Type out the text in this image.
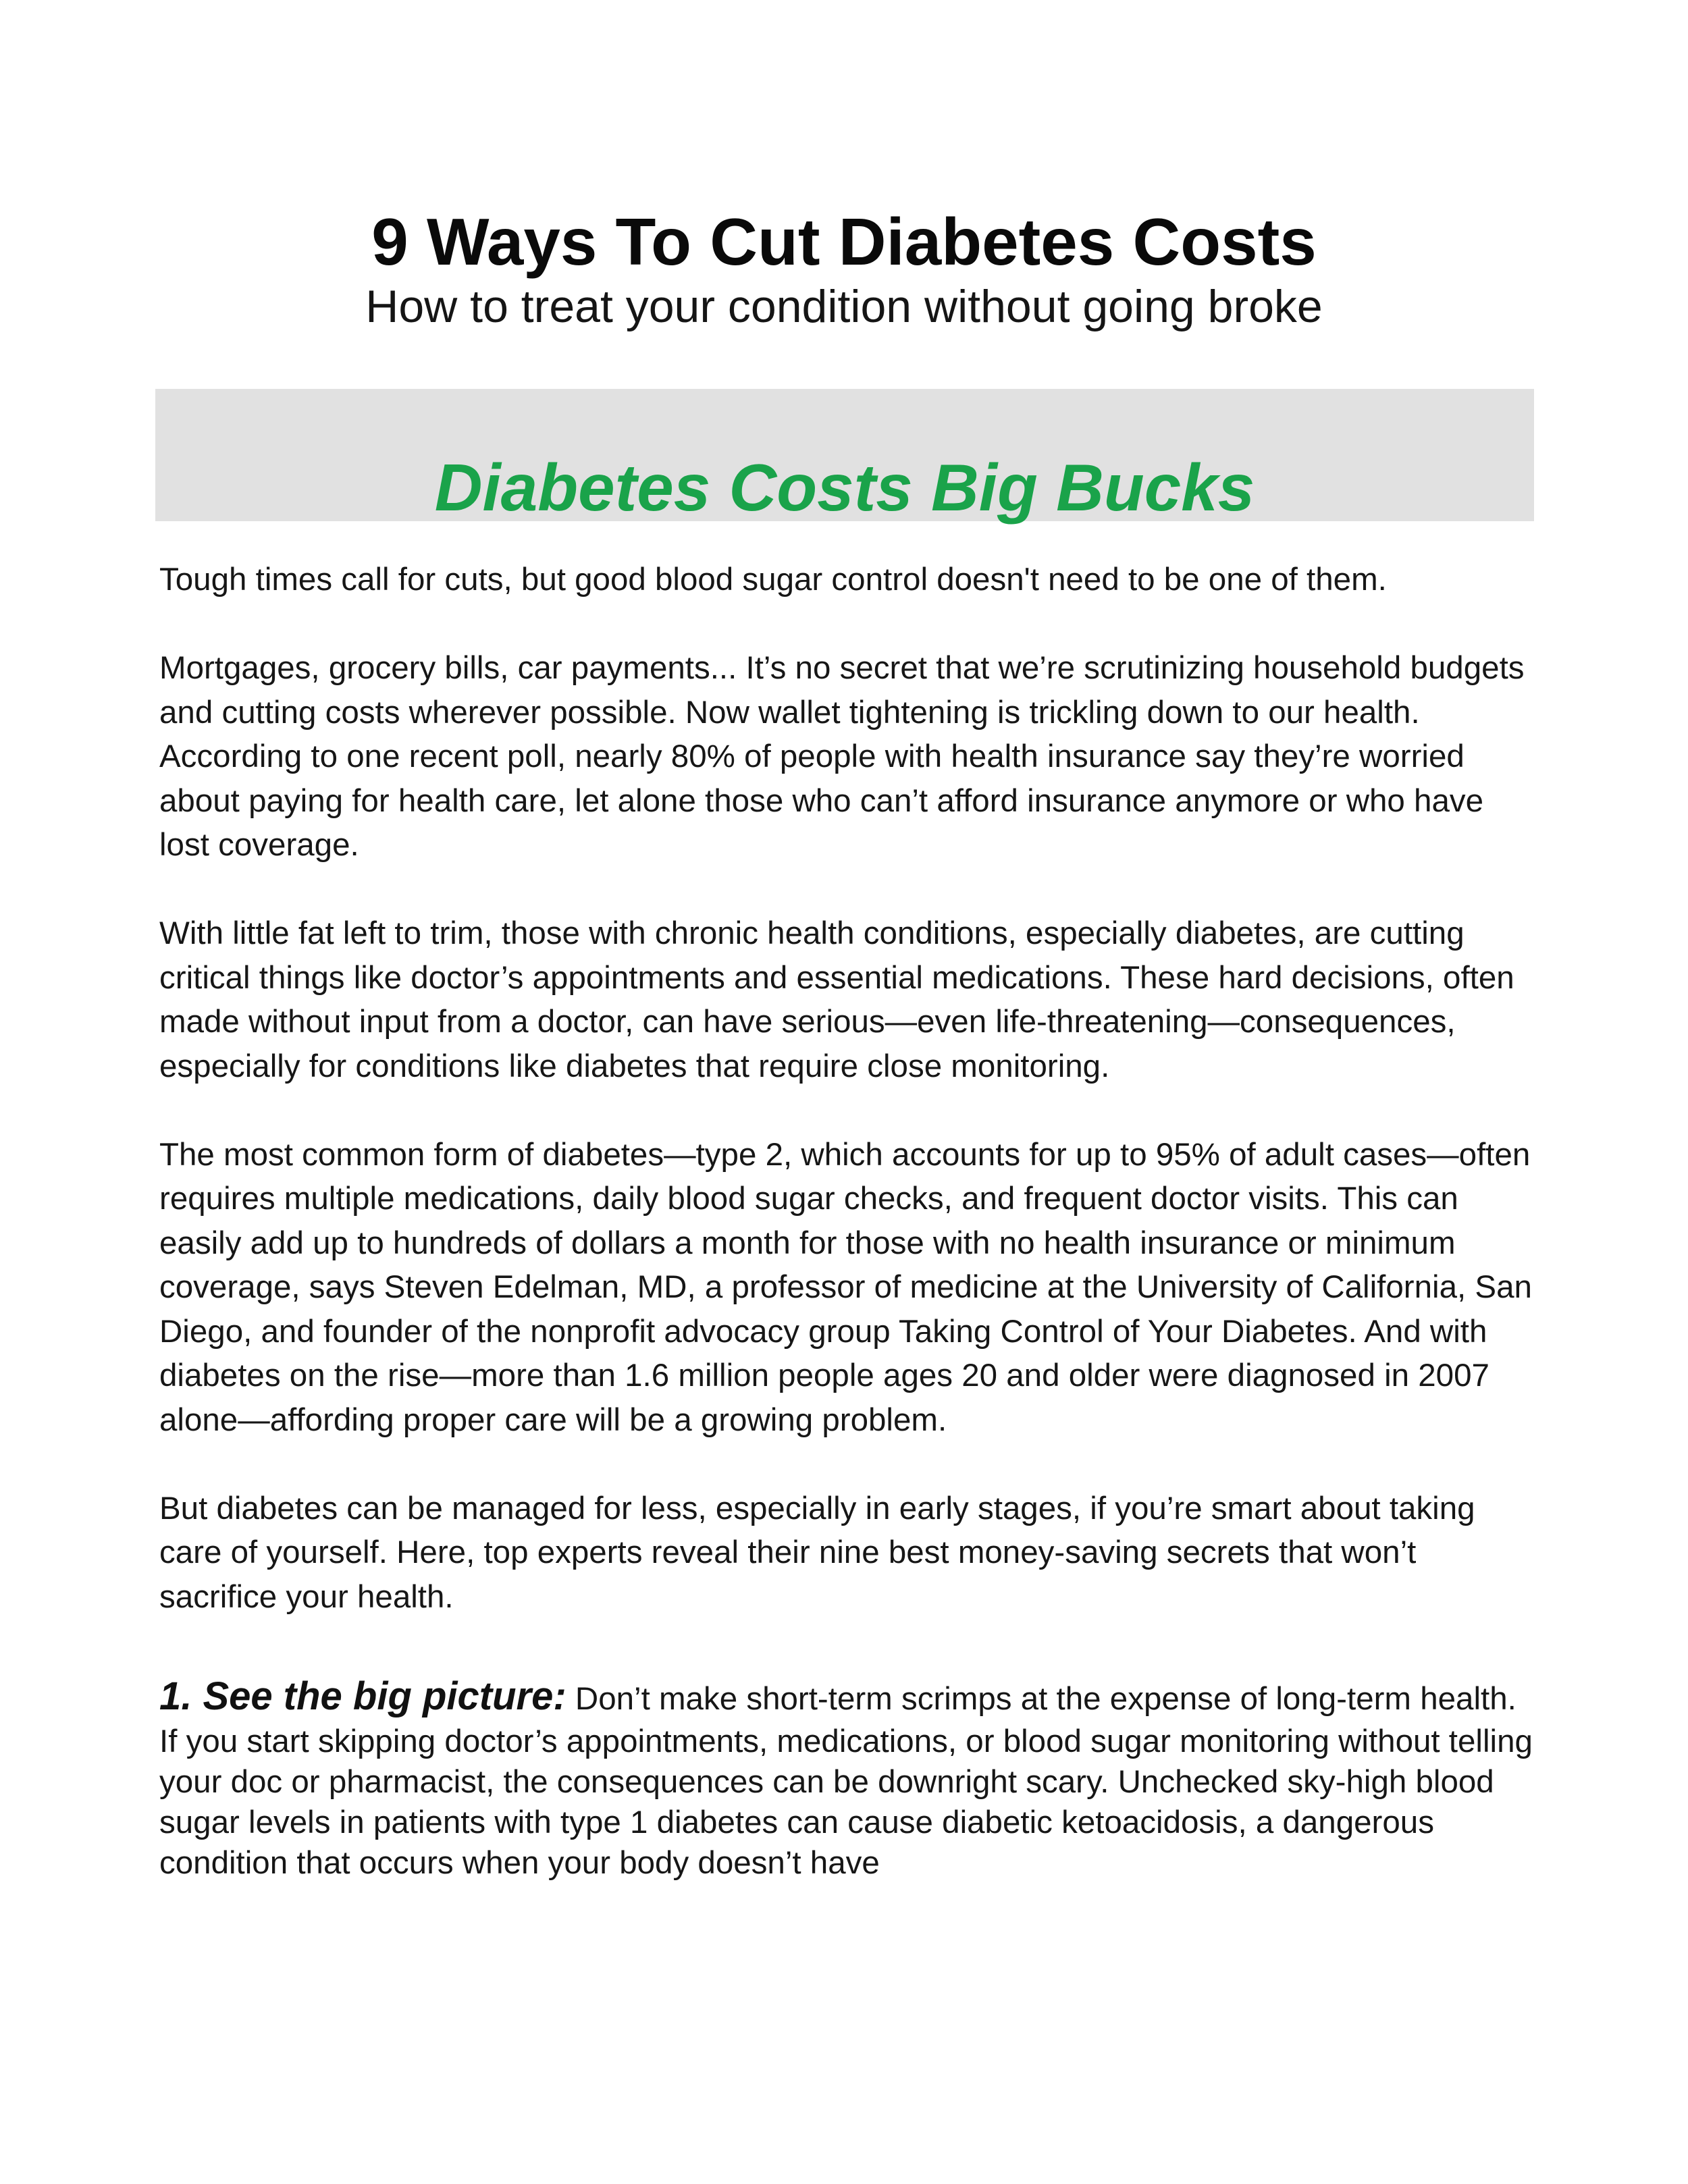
9 Ways To Cut Diabetes Costs
How to treat your condition without going broke
Diabetes Costs Big Bucks

Tough times call for cuts, but good blood sugar control doesn't need to be one of them.

Mortgages, grocery bills, car payments... It’s no secret that we’re scrutinizing household budgets and cutting costs wherever possible. Now wallet tightening is trickling down to our health. According to one recent poll, nearly 80% of people with health insurance say they’re worried about paying for health care, let alone those who can’t afford insurance anymore or who have lost coverage.

With little fat left to trim, those with chronic health conditions, especially diabetes, are cutting critical things like doctor’s appointments and essential medications. These hard decisions, often made without input from a doctor, can have serious—even life-threatening—consequences, especially for conditions like diabetes that require close monitoring.

The most common form of diabetes—type 2, which accounts for up to 95% of adult cases—often requires multiple medications, daily blood sugar checks, and frequent doctor visits. This can easily add up to hundreds of dollars a month for those with no health insurance or minimum coverage, says Steven Edelman, MD, a professor of medicine at the University of California, San Diego, and founder of the nonprofit advocacy group Taking Control of Your Diabetes. And with diabetes on the rise—more than 1.6 million people ages 20 and older were diagnosed in 2007 alone—affording proper care will be a growing problem.

But diabetes can be managed for less, especially in early stages, if you’re smart about taking care of yourself. Here, top experts reveal their nine best money-saving secrets that won’t sacrifice your health.

1. See the big picture: Don’t make short-term scrimps at the expense of long-term health.

If you start skipping doctor’s appointments, medications, or blood sugar monitoring without telling your doc or pharmacist, the consequences can be downright scary. Unchecked sky-high blood sugar levels in patients with type 1 diabetes can cause diabetic ketoacidosis, a dangerous condition that occurs when your body doesn’t have
